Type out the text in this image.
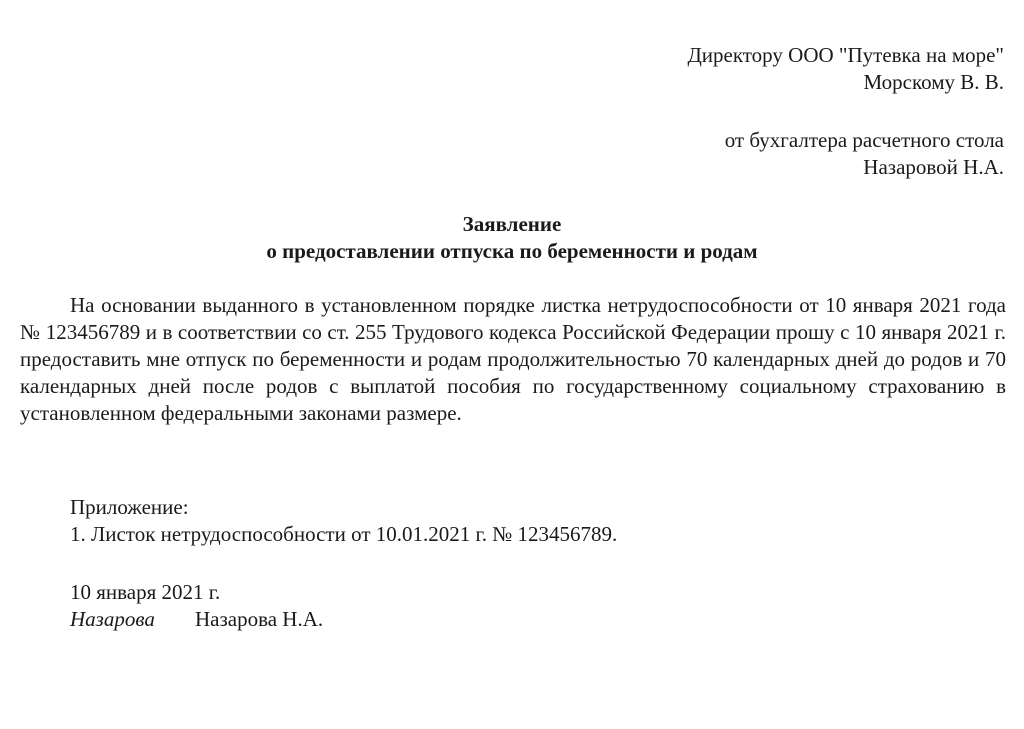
Директору ООО "Путевка на море"
Морскому В. В.
от бухгалтера расчетного стола
Назаровой Н.А.
Заявление
о предоставлении отпуска по беременности и родам

На основании выданного в установленном порядке листка нетрудоспособности от 10 января 2021 года № 123456789 и в соответствии со ст. 255 Трудового кодекса Российской Федерации прошу с 10 января 2021 г. предоставить мне отпуск по беременности и родам продолжительностью 70 календарных дней до родов и 70 календарных дней после родов с выплатой пособия по государственному социальному страхованию в установленном федеральными законами размере.

Приложение:
1. Листок нетрудоспособности от 10.01.2021 г. № 123456789.
10 января 2021 г.
Назарова Назарова Н.А.
